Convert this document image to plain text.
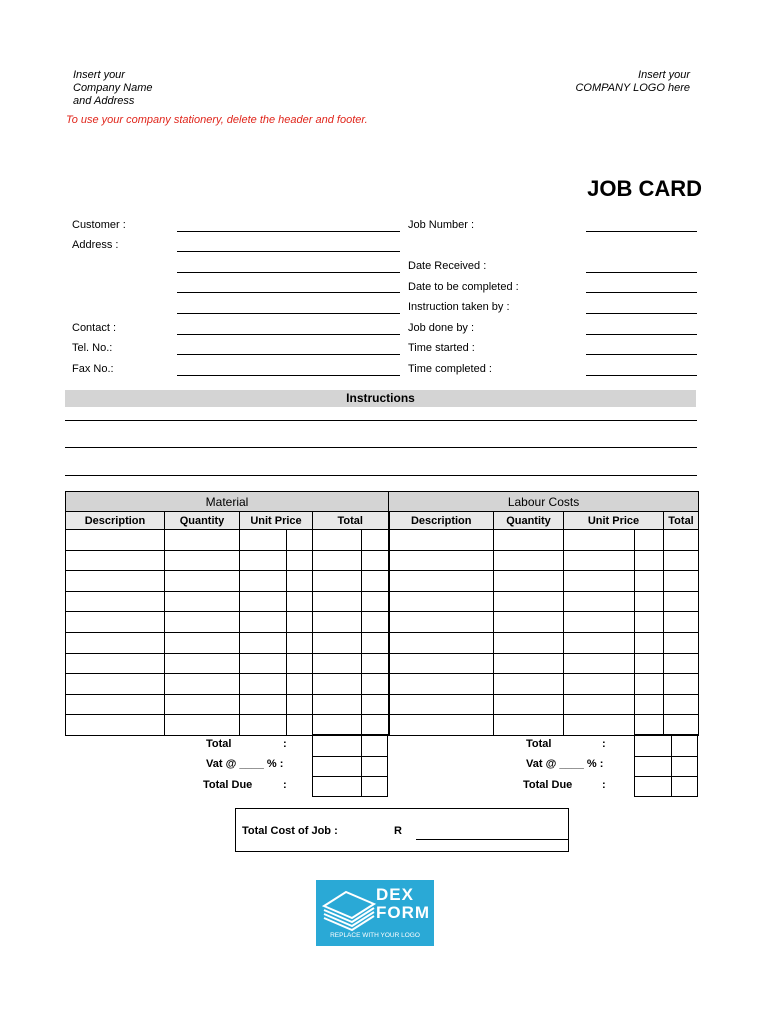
Insert your
Company Name
and Address
Insert your
COMPANY LOGO here
To use your company stationery, delete the header and footer.
JOB CARD
Customer :
Address :
Contact :
Tel. No.:
Fax No.:
Job Number :
Date Received :
Date to be completed :
Instruction taken by :
Job done by :
Time started :
Time completed :
Instructions
Material						Labour Costs				
Description	Quantity	Unit Price		Total		Description	Quantity	Unit Price		Total

Total	:
Vat @ ____ % :
Total Due	:
Total	:
Vat @ ____ % :
Total Due	:
Total Cost of Job :	R
DEX
FORM
REPLACE WITH YOUR LOGO
